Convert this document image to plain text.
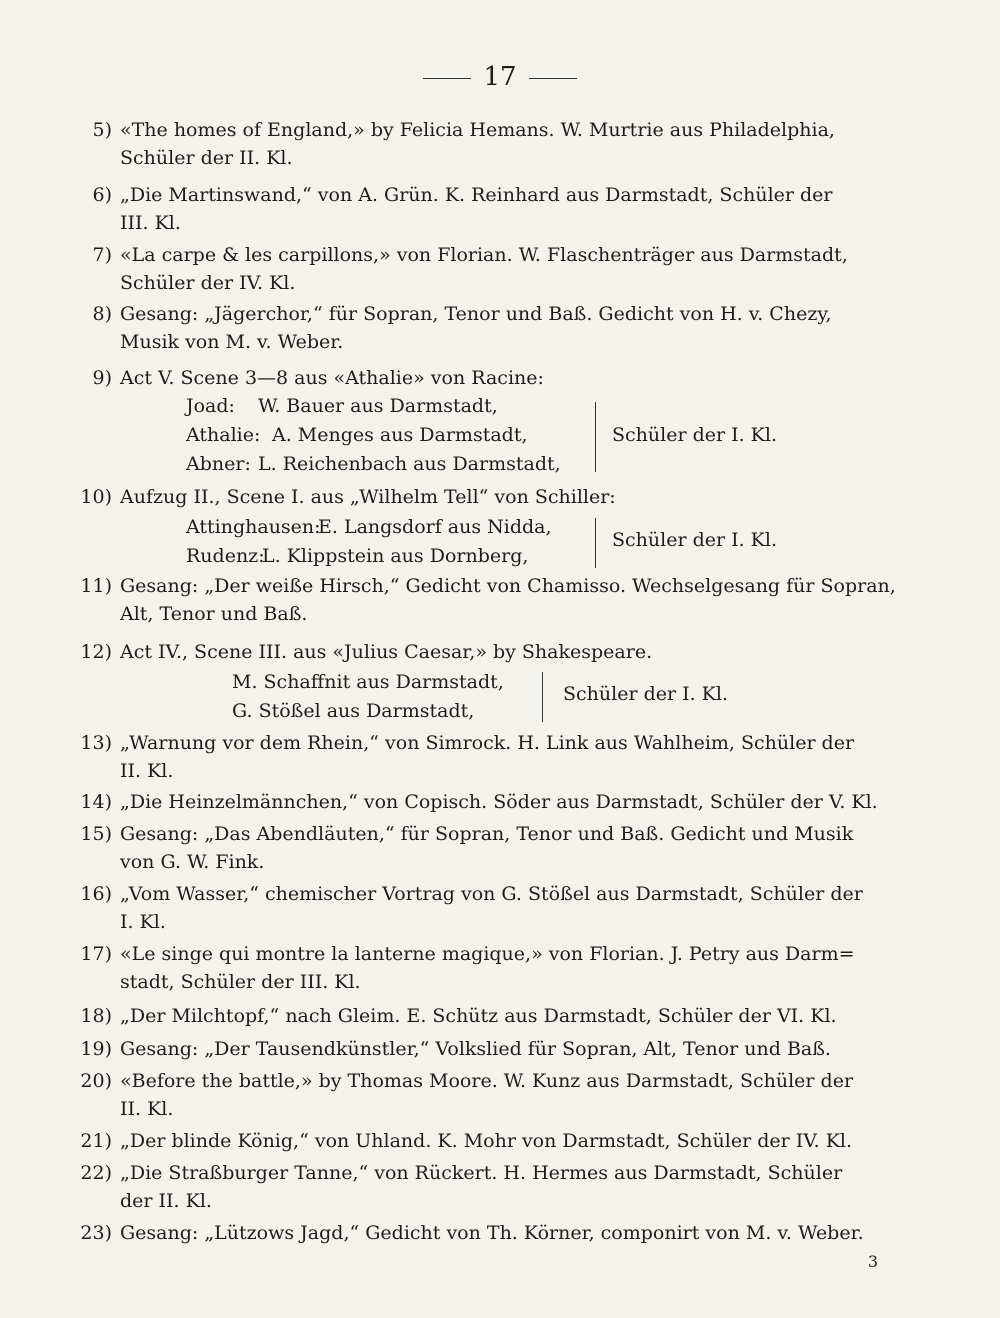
17
5) «The homes of England,» by Felicia Hemans. W. Murtrie aus Philadelphia,
Schüler der II. Kl.
6) „Die Martinswand,“ von A. Grün. K. Reinhard aus Darmstadt, Schüler der
III. Kl.
7) «La carpe & les carpillons,» von Florian. W. Flaschenträger aus Darmstadt,
Schüler der IV. Kl.
8) Gesang: „Jägerchor,“ für Sopran, Tenor und Baß. Gedicht von H. v. Chezy,
Musik von M. v. Weber.
9) Act V. Scene 3—8 aus «Athalie» von Racine:
Joad: W. Bauer aus Darmstadt,
Athalie: A. Menges aus Darmstadt,
Abner: L. Reichenbach aus Darmstadt,
Schüler der I. Kl.
10) Aufzug II., Scene I. aus „Wilhelm Tell“ von Schiller:
Attinghausen:
E. Langsdorf aus Nidda,
Rudenz:
L. Klippstein aus Dornberg,
Schüler der I. Kl.
11) Gesang: „Der weiße Hirsch,“ Gedicht von Chamisso. Wechselgesang für Sopran,
Alt, Tenor und Baß.
12) Act IV., Scene III. aus «Julius Caesar,» by Shakespeare.
M. Schaffnit aus Darmstadt,
G. Stößel aus Darmstadt,
Schüler der I. Kl.
13) „Warnung vor dem Rhein,“ von Simrock. H. Link aus Wahlheim, Schüler der
II. Kl.
14) „Die Heinzelmännchen,“ von Copisch. Söder aus Darmstadt, Schüler der V. Kl.
15) Gesang: „Das Abendläuten,“ für Sopran, Tenor und Baß. Gedicht und Musik
von G. W. Fink.
16) „Vom Wasser,“ chemischer Vortrag von G. Stößel aus Darmstadt, Schüler der
I. Kl.
17) «Le singe qui montre la lanterne magique,» von Florian. J. Petry aus Darm=
stadt, Schüler der III. Kl.
18) „Der Milchtopf,“ nach Gleim. E. Schütz aus Darmstadt, Schüler der VI. Kl.
19) Gesang: „Der Tausendkünstler,“ Volkslied für Sopran, Alt, Tenor und Baß.
20) «Before the battle,» by Thomas Moore. W. Kunz aus Darmstadt, Schüler der
II. Kl.
21) „Der blinde König,“ von Uhland. K. Mohr von Darmstadt, Schüler der IV. Kl.
22) „Die Straßburger Tanne,“ von Rückert. H. Hermes aus Darmstadt, Schüler
der II. Kl.
23) Gesang: „Lützows Jagd,“ Gedicht von Th. Körner, componirt von M. v. Weber.
3
